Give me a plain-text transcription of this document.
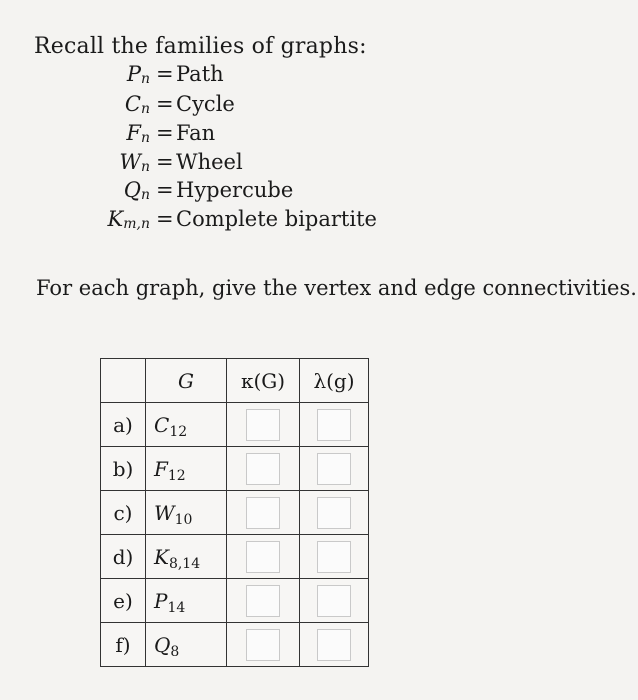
Recall the families of graphs:
$P_n$ = Path
$C_n$ = Cycle
$F_n$ = Fan
$W_n$ = Wheel
$Q_n$ = Hypercube
$K_{m,n}$ = Complete bipartite
For each graph, give the vertex and edge connectivities.
	G	κ(G)	λ(g)
a)	$C_{12}$		
b)	$F_{12}$		
c)	$W_{10}$		
d)	$K_{8,14}$		
e)	$P_{14}$		
f)	$Q_8$		
